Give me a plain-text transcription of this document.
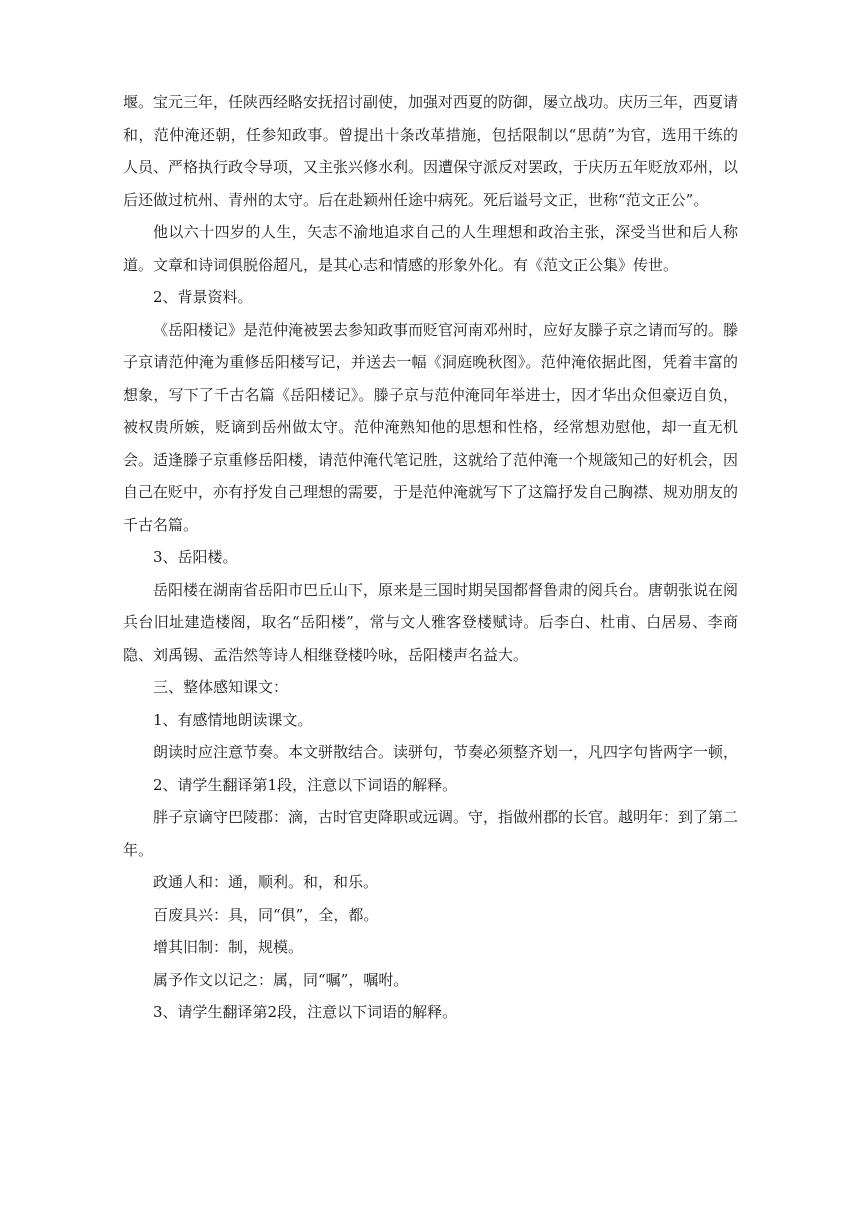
堰。宝元三年，任陕西经略安抚招讨副使，加强对西夏的防御，屡立战功。庆历三年，西夏请和，范仲淹还朝，任参知政事。曾提出十条改革措施，包括限制以“思荫”为官，选用干练的人员、严格执行政令导项，又主张兴修水利。因遭保守派反对罢政，于庆历五年贬放邓州，以后还做过杭州、青州的太守。后在赴颖州任途中病死。死后谥号文正，世称“范文正公”。

他以六十四岁的人生，矢志不渝地追求自己的人生理想和政治主张，深受当世和后人称道。文章和诗词俱脱俗超凡，是其心志和情感的形象外化。有《范文正公集》传世。

2、背景资料。

《岳阳楼记》是范仲淹被罢去参知政事而贬官河南邓州时，应好友滕子京之请而写的。滕子京请范仲淹为重修岳阳楼写记，并送去一幅《洞庭晚秋图》。范仲淹依据此图，凭着丰富的想象，写下了千古名篇《岳阳楼记》。滕子京与范仲淹同年举进士，因才华出众但豪迈自负，被权贵所嫉，贬谪到岳州做太守。范仲淹熟知他的思想和性格，经常想劝慰他，却一直无机会。适逢滕子京重修岳阳楼，请范仲淹代笔记胜，这就给了范仲淹一个规箴知己的好机会，因自己在贬中，亦有抒发自己理想的需要，于是范仲淹就写下了这篇抒发自己胸襟、规劝朋友的千古名篇。

3、岳阳楼。

岳阳楼在湖南省岳阳市巴丘山下，原来是三国时期吴国都督鲁肃的阅兵台。唐朝张说在阅兵台旧址建造楼阁，取名“岳阳楼”，常与文人雅客登楼赋诗。后李白、杜甫、白居易、李商隐、刘禹锡、孟浩然等诗人相继登楼吟咏，岳阳楼声名益大。

三、整体感知课文：

1、有感情地朗读课文。

朗读时应注意节奏。本文骈散结合。读骈句，节奏必须整齐划一，凡四字句皆两字一顿，

2、请学生翻译第1段，注意以下词语的解释。

胖子京谪守巴陵郡：滴，古时官吏降职或远调。守，指做州郡的长官。越明年：到了第二年。

政通人和：通，顺利。和，和乐。

百废具兴：具，同“俱”，全，都。

增其旧制：制，规模。

属予作文以记之：属，同“嘱”，嘱咐。

3、请学生翻译第2段，注意以下词语的解释。
